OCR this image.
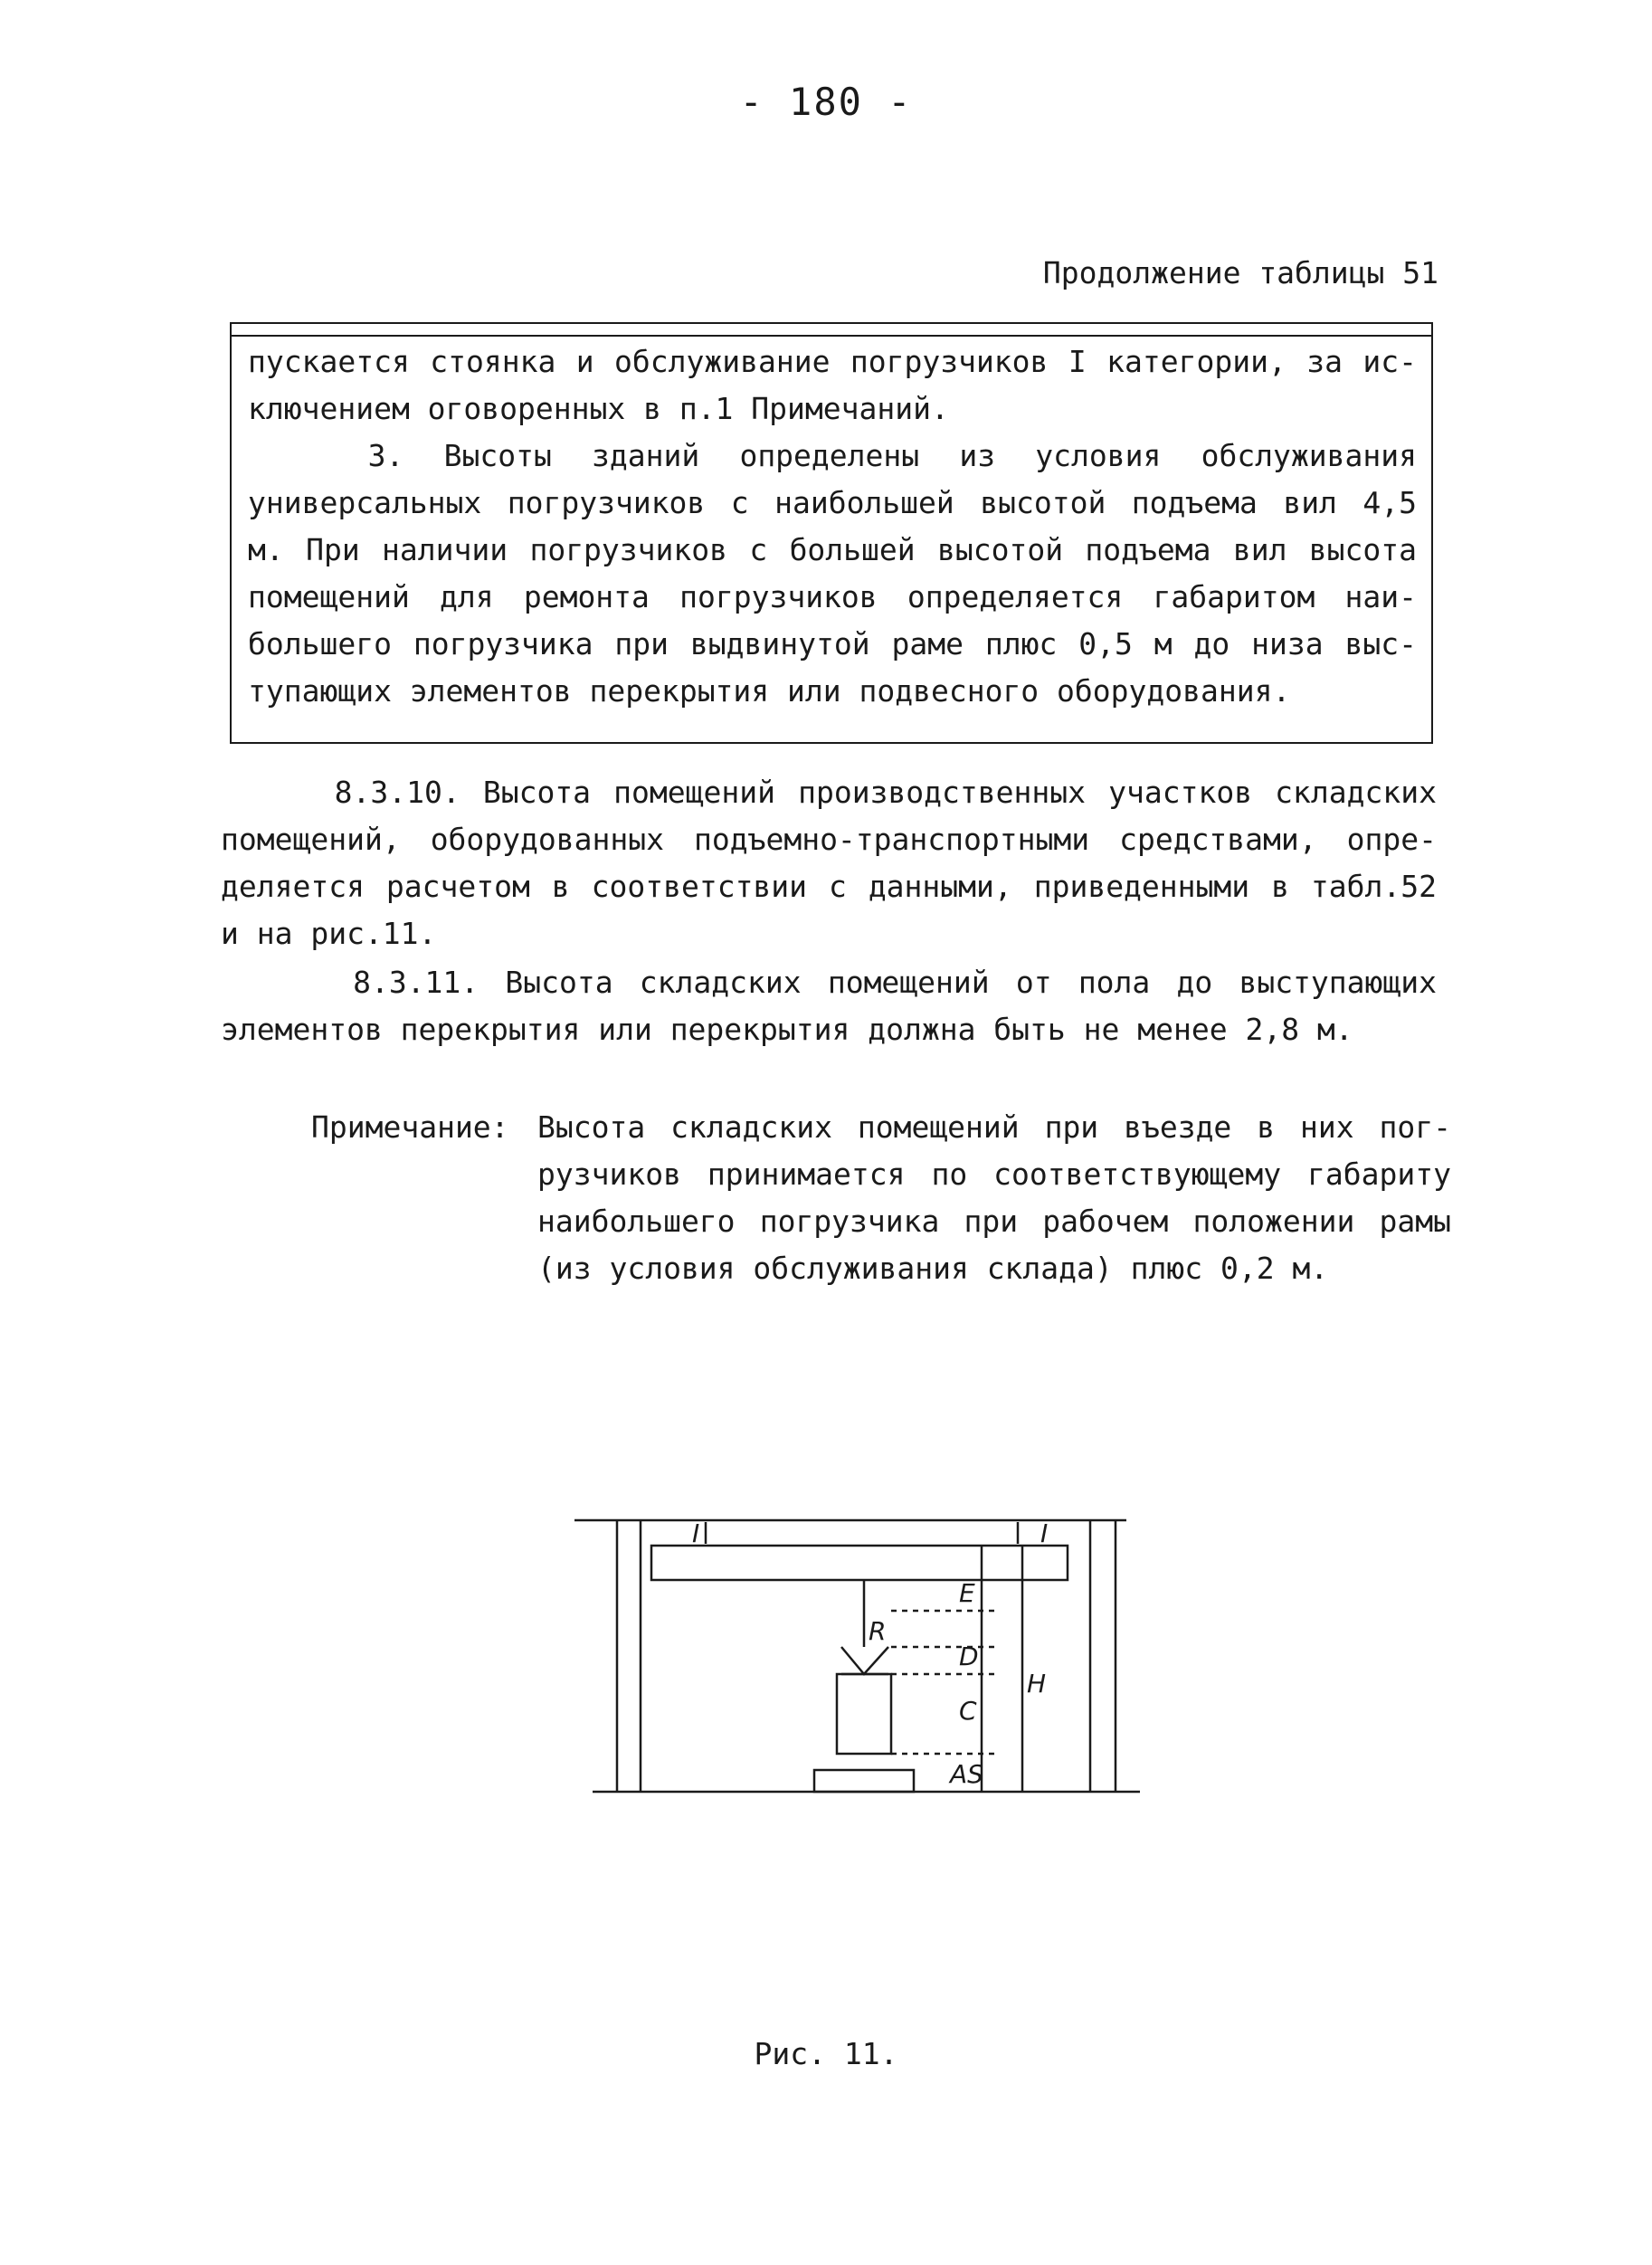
- 180 -
Продолжение таблицы 51
пускается стоянка и обслуживание погрузчиков I категории, за ис-
ключением оговоренных в п.1 Примечаний.
3. Высоты зданий определены из условия обслуживания
универсальных погрузчиков с наибольшей высотой подъема вил 4,5
м. При наличии погрузчиков с большей высотой подъема вил высота
помещений для ремонта погрузчиков определяется габаритом наи-
большего погрузчика при выдвинутой раме плюс 0,5 м до низа выс-
тупающих элементов перекрытия или подвесного оборудования.
8.3.10. Высота помещений производственных участков складских
помещений, оборудованных подъемно-транспортными средствами, опре-
деляется расчетом в соответствии с данными, приведенными в табл.52
и на рис.11.
8.3.11. Высота складских помещений от пола до выступающих
элементов перекрытия или перекрытия должна быть не менее 2,8 м.
Примечание: Высота складских помещений при въезде в них пог-
рузчиков принимается по соответствующему габариту
наибольшего погрузчика при рабочем положении рамы
(из условия обслуживания склада) плюс 0,2 м.
I	I
R
E
D
C
AS
H
Рис. 11.
